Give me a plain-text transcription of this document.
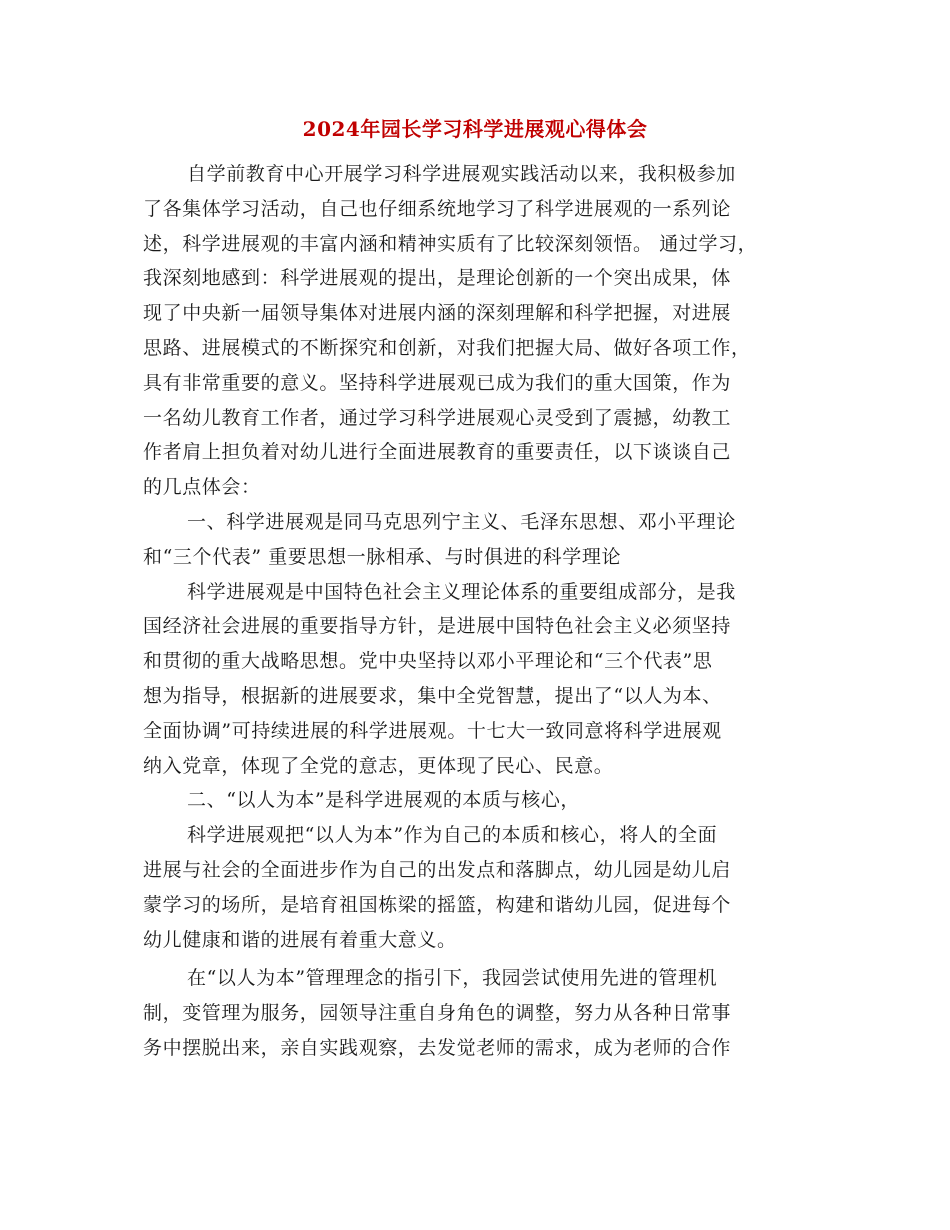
2024年园长学习科学进展观心得体会
自学前教育中心开展学习科学进展观实践活动以来，我积极参加
了各集体学习活动，自己也仔细系统地学习了科学进展观的一系列论
述，科学进展观的丰富内涵和精神实质有了比较深刻领悟。 通过学习，
我深刻地感到：科学进展观的提出，是理论创新的一个突出成果，体
现了中央新一届领导集体对进展内涵的深刻理解和科学把握，对进展
思路、进展模式的不断探究和创新，对我们把握大局、做好各项工作，
具有非常重要的意义。坚持科学进展观已成为我们的重大国策，作为
一名幼儿教育工作者，通过学习科学进展观心灵受到了震撼，幼教工
作者肩上担负着对幼儿进行全面进展教育的重要责任，以下谈谈自己
的几点体会：
一、科学进展观是同马克思列宁主义、毛泽东思想、邓小平理论
和“三个代表” 重要思想一脉相承、与时俱进的科学理论
科学进展观是中国特色社会主义理论体系的重要组成部分，是我
国经济社会进展的重要指导方针，是进展中国特色社会主义必须坚持
和贯彻的重大战略思想。党中央坚持以邓小平理论和“三个代表”思
想为指导，根据新的进展要求，集中全党智慧，提出了“以人为本、
全面协调”可持续进展的科学进展观。十七大一致同意将科学进展观
纳入党章，体现了全党的意志，更体现了民心、民意。
二、“以人为本”是科学进展观的本质与核心，
科学进展观把“以人为本”作为自己的本质和核心，将人的全面
进展与社会的全面进步作为自己的出发点和落脚点，幼儿园是幼儿启
蒙学习的场所，是培育祖国栋梁的摇篮，构建和谐幼儿园，促进每个
幼儿健康和谐的进展有着重大意义。
在“以人为本”管理理念的指引下，我园尝试使用先进的管理机
制，变管理为服务，园领导注重自身角色的调整，努力从各种日常事
务中摆脱出来，亲自实践观察，去发觉老师的需求，成为老师的合作
